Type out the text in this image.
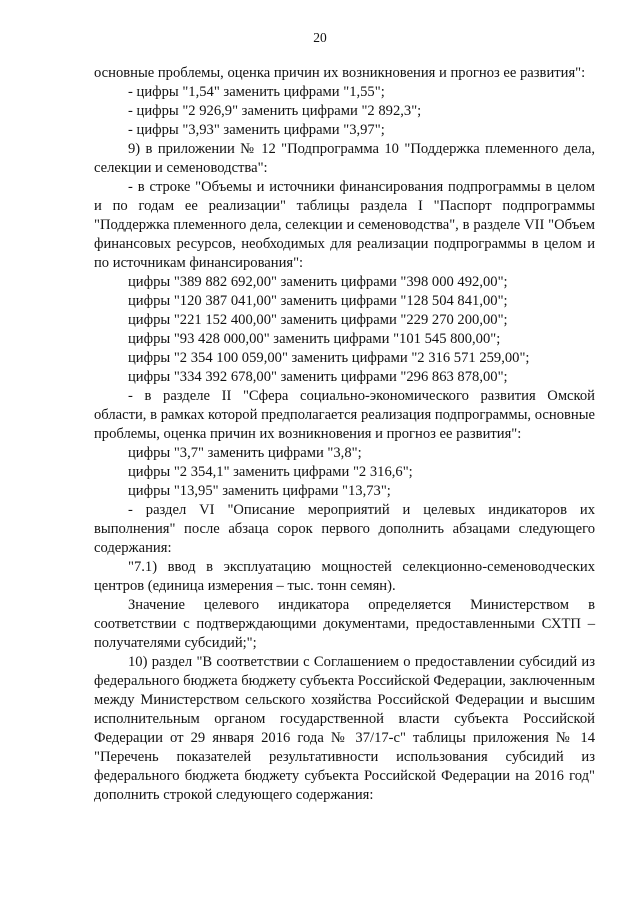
20

основные проблемы, оценка причин их возникновения и прогноз ее развития":

- цифры "1,54" заменить цифрами "1,55";

- цифры "2 926,9" заменить цифрами "2 892,3";

- цифры "3,93" заменить цифрами "3,97";

9) в приложении № 12 "Подпрограмма 10 "Поддержка племенного дела, селекции и семеноводства":

- в строке "Объемы и источники финансирования подпрограммы в целом и по годам ее реализации" таблицы раздела I "Паспорт подпрограммы "Поддержка племенного дела, селекции и семеноводства", в разделе VII "Объем финансовых ресурсов, необходимых для реализации подпрограммы в целом и по источникам финансирования":

цифры "389 882 692,00" заменить цифрами "398 000 492,00";

цифры "120 387 041,00" заменить цифрами "128 504 841,00";

цифры "221 152 400,00" заменить цифрами "229 270 200,00";

цифры "93 428 000,00" заменить цифрами "101 545 800,00";

цифры "2 354 100 059,00" заменить цифрами "2 316 571 259,00";

цифры "334 392 678,00" заменить цифрами "296 863 878,00";

- в разделе II "Сфера социально-экономического развития Омской области, в рамках которой предполагается реализация подпрограммы, основные проблемы, оценка причин их возникновения и прогноз ее развития":

цифры "3,7" заменить цифрами "3,8";

цифры "2 354,1" заменить цифрами "2 316,6";

цифры "13,95" заменить цифрами "13,73";

- раздел VI "Описание мероприятий и целевых индикаторов их выполнения" после абзаца сорок первого дополнить абзацами следующего содержания:

"7.1) ввод в эксплуатацию мощностей селекционно-семеноводческих центров (единица измерения – тыс. тонн семян).

Значение целевого индикатора определяется Министерством в соответствии с подтверждающими документами, предоставленными СХТП – получателями субсидий;";

10) раздел "В соответствии с Соглашением о предоставлении субсидий из федерального бюджета бюджету субъекта Российской Федерации, заключенным между Министерством сельского хозяйства Российской Федерации и высшим исполнительным органом государственной власти субъекта Российской Федерации от 29 января 2016 года № 37/17-с" таблицы приложения № 14 "Перечень показателей результативности использования субсидий из федерального бюджета бюджету субъекта Российской Федерации на 2016 год" дополнить строкой следующего содержания:
